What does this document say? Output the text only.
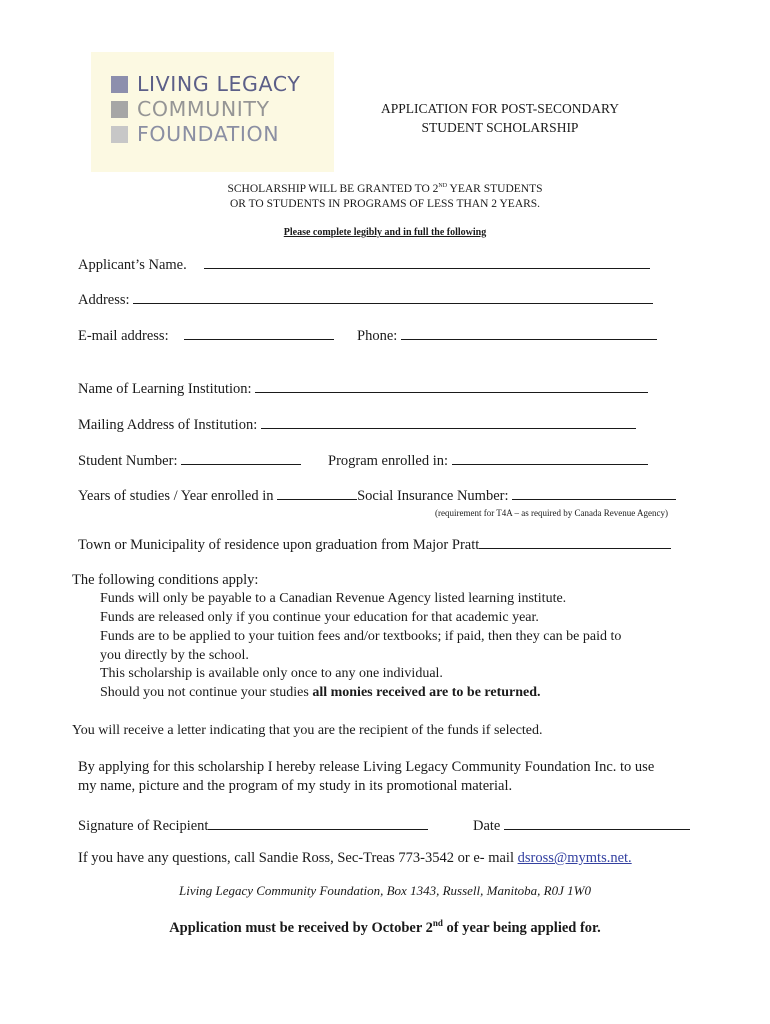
LIVING LEGACY
COMMUNITY
FOUNDATION
APPLICATION FOR POST-SECONDARY
STUDENT SCHOLARSHIP
SCHOLARSHIP WILL BE GRANTED TO 2ND YEAR STUDENTS
OR TO STUDENTS IN PROGRAMS OF LESS THAN 2 YEARS.
Please complete legibly and in full the following
Applicant’s Name.
Address:
E-mail address:	Phone:
Name of Learning Institution:
Mailing Address of Institution:
Student Number:	Program enrolled in:
Years of studies / Year enrolled in	Social Insurance Number:
(requirement for T4A – as required by Canada Revenue Agency)
Town or Municipality of residence upon graduation from Major Pratt
The following conditions apply:
Funds will only be payable to a Canadian Revenue Agency listed learning institute.
Funds are released only if you continue your education for that academic year.
Funds are to be applied to your tuition fees and/or textbooks; if paid, then they can be paid to
you directly by the school.
This scholarship is available only once to any one individual.
Should you not continue your studies all monies received are to be returned.
You will receive a letter indicating that you are the recipient of the funds if selected.
By applying for this scholarship I hereby release Living Legacy Community Foundation Inc. to use
my name, picture and the program of my study in its promotional material.
Signature of Recipient	Date
If you have any questions, call Sandie Ross, Sec-Treas 773-3542 or e- mail dsross@mymts.net.
Living Legacy Community Foundation, Box 1343, Russell, Manitoba, R0J 1W0
Application must be received by October 2nd of year being applied for.
